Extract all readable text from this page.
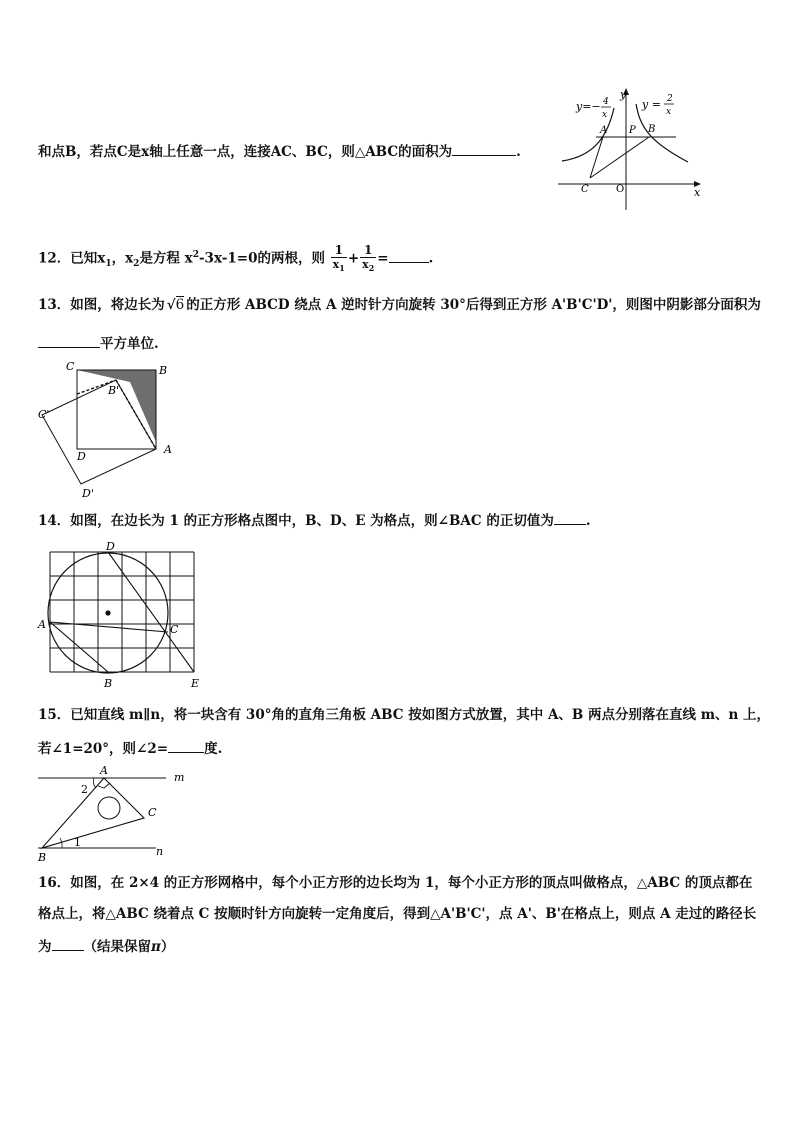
和点B，若点C是x轴上任意一点，连接AC、BC，则△ABC的面积为	.
y=− 4
x
y
y = 2
x
A P B
C	O	x
12．已知$x_1$，$x_2$是方程 $x^2-3x-1=0$的两根，则 $\frac{1}{x_1} + \frac{1}{x_2}$ =	.
13．如图，将边长为 √6 的正方形 ABCD 绕点 A 逆时针方向旋转 30°后得到正方形 A'B'C'D'，则图中阴影部分面积为
平方单位.
C	B
B'
C'
D
A
D'
14．如图，在边长为 1 的正方形格点图中，B、D、E 为格点，则∠BAC 的正切值为 .
D
A	C
B	E
15．已知直线 m∥n，将一块含有 30°角的直角三角板 ABC 按如图方式放置，其中 A、B 两点分别落在直线 m、n 上，
若∠1=20°，则∠2=	度.
A
m
2
C
B
1
n
16．如图，在 2×4 的正方形网格中，每个小正方形的边长均为 1，每个小正方形的顶点叫做格点，△ABC 的顶点都在
格点上，将△ABC 绕着点 C 按顺时针方向旋转一定角度后，得到△A'B'C'，点 A'、B'在格点上，则点 A 走过的路径长
为 （结果保留π）
